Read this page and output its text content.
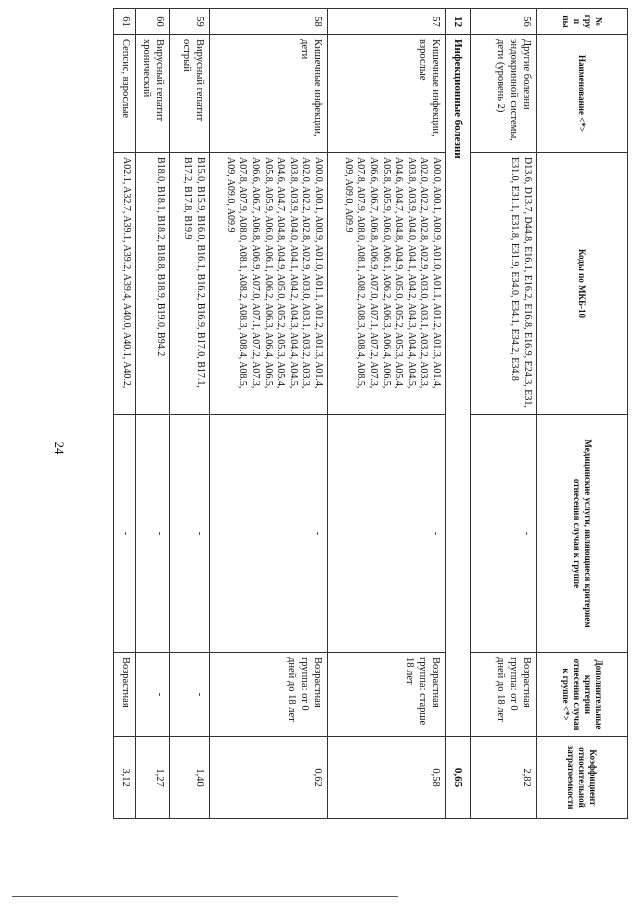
24
№ груп пы	Наименование <*>	Коды по МКБ-10	Медицинские услуги, являющиеся критерием отнесения случая к группе	Дополнительные критерии отнесения случая к группе <*>	Коэффициент относительной затратоемкости
56	Другие болезни эндокринной системы, дети (уровень 2)	D13.6, D13.7, D44.8, E16.1, E16.2, E16.8, E16.9, E24.3, E31, E31.0, E31.1, E31.8, E31.9, E34.0, E34.1, E34.2, E34.8	-	Возрастная группа: от 0 дней до 18 лет	2,82
12	Инфекционные болезни				0,65
57	Кишечные инфекции, взрослые	A00.0, A00.1, A00.9, A01.0, A01.1, A01.2, A01.3, A01.4, A02.0, A02.2, A02.8, A02.9, A03.0, A03.1, A03.2, A03.3, A03.8, A03.9, A04.0, A04.1, A04.2, A04.3, A04.4, A04.5, A04.6, A04.7, A04.8, A04.9, A05.0, A05.2, A05.3, A05.4, A05.8, A05.9, A06.0, A06.1, A06.2, A06.3, A06.4, A06.5, A06.6, A06.7, A06.8, A06.9, A07.0, A07.1, A07.2, A07.3, A07.8, A07.9, A08.0, A08.1, A08.2, A08.3, A08.4, A08.5, A09, A09.0, A09.9	-	Возрастная группа: старше 18 лет	0,58
58	Кишечные инфекции, дети	A00.0, A00.1, A00.9, A01.0, A01.1, A01.2, A01.3, A01.4, A02.0, A02.2, A02.8, A02.9, A03.0, A03.1, A03.2, A03.3, A03.8, A03.9, A04.0, A04.1, A04.2, A04.3, A04.4, A04.5, A04.6, A04.7, A04.8, A04.9, A05.0, A05.2, A05.3, A05.4, A05.8, A05.9, A06.0, A06.1, A06.2, A06.3, A06.4, A06.5, A06.6, A06.7, A06.8, A06.9, A07.0, A07.1, A07.2, A07.3, A07.8, A07.9, A08.0, A08.1, A08.2, A08.3, A08.4, A08.5, A09, A09.0, A09.9	-	Возрастная группа: от 0 дней до 18 лет	0,62
59	Вирусный гепатит острый	B15.0, B15.9, B16.0, B16.1, B16.2, B16.9, B17.0, B17.1, B17.2, B17.8, B19.9	-	-	1,40
60	Вирусный гепатит хронический	B18.0, B18.1, B18.2, B18.8, B18.9, B19.0, B94.2	-	-	1,27
61	Сепсис, взрослые	A02.1, A32.7, A39.1, A39.2, A39.4, A40.0, A40.1, A40.2,	-	Возрастная	3,12
